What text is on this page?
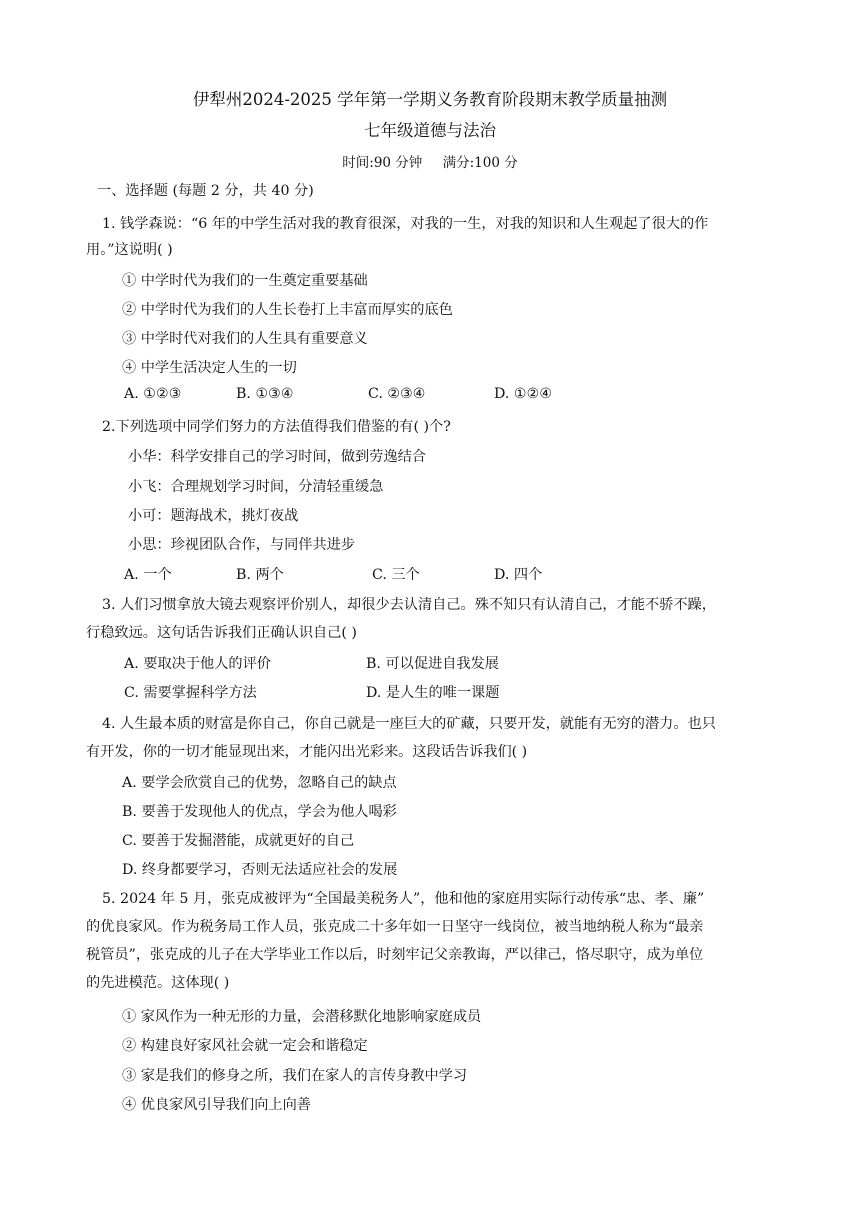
伊犁州2024-2025 学年第一学期义务教育阶段期末教学质量抽测
七年级道德与法治
时间:90 分钟 满分:100 分
一、选择题 (每题 2 分，共 40 分)
1. 钱学森说：“6 年的中学生活对我的教育很深，对我的一生，对我的知识和人生观起了很大的作
用。”这说明( )
① 中学时代为我们的一生奠定重要基础
② 中学时代为我们的人生长卷打上丰富而厚实的底色
③ 中学时代对我们的人生具有重要意义
④ 中学生活决定人生的一切
A. ①②③	B. ①③④	C. ②③④	D. ①②④
2.下列选项中同学们努力的方法值得我们借鉴的有( )个?
小华：科学安排自己的学习时间，做到劳逸结合
小飞：合理规划学习时间，分清轻重缓急
小可：题海战术，挑灯夜战
小思：珍视团队合作，与同伴共进步
A. 一个	B. 两个	C. 三个	D. 四个
3. 人们习惯拿放大镜去观察评价别人，却很少去认清自己。殊不知只有认清自己，才能不骄不躁，
行稳致远。这句话告诉我们正确认识自己( )
A. 要取决于他人的评价	B. 可以促进自我发展
C. 需要掌握科学方法	D. 是人生的唯一课题
4. 人生最本质的财富是你自己，你自己就是一座巨大的矿藏，只要开发，就能有无穷的潜力。也只
有开发，你的一切才能显现出来，才能闪出光彩来。这段话告诉我们( )
A. 要学会欣赏自己的优势，忽略自己的缺点
B. 要善于发现他人的优点，学会为他人喝彩
C. 要善于发掘潜能，成就更好的自己
D. 终身都要学习，否则无法适应社会的发展
5. 2024 年 5 月，张克成被评为“全国最美税务人”，他和他的家庭用实际行动传承“忠、孝、廉”
的优良家风。作为税务局工作人员，张克成二十多年如一日坚守一线岗位，被当地纳税人称为“最亲
税管员”，张克成的儿子在大学毕业工作以后，时刻牢记父亲教诲，严以律己，恪尽职守，成为单位
的先进模范。这体现( )
① 家风作为一种无形的力量，会潜移默化地影响家庭成员
② 构建良好家风社会就一定会和谐稳定
③ 家是我们的修身之所，我们在家人的言传身教中学习
④ 优良家风引导我们向上向善
